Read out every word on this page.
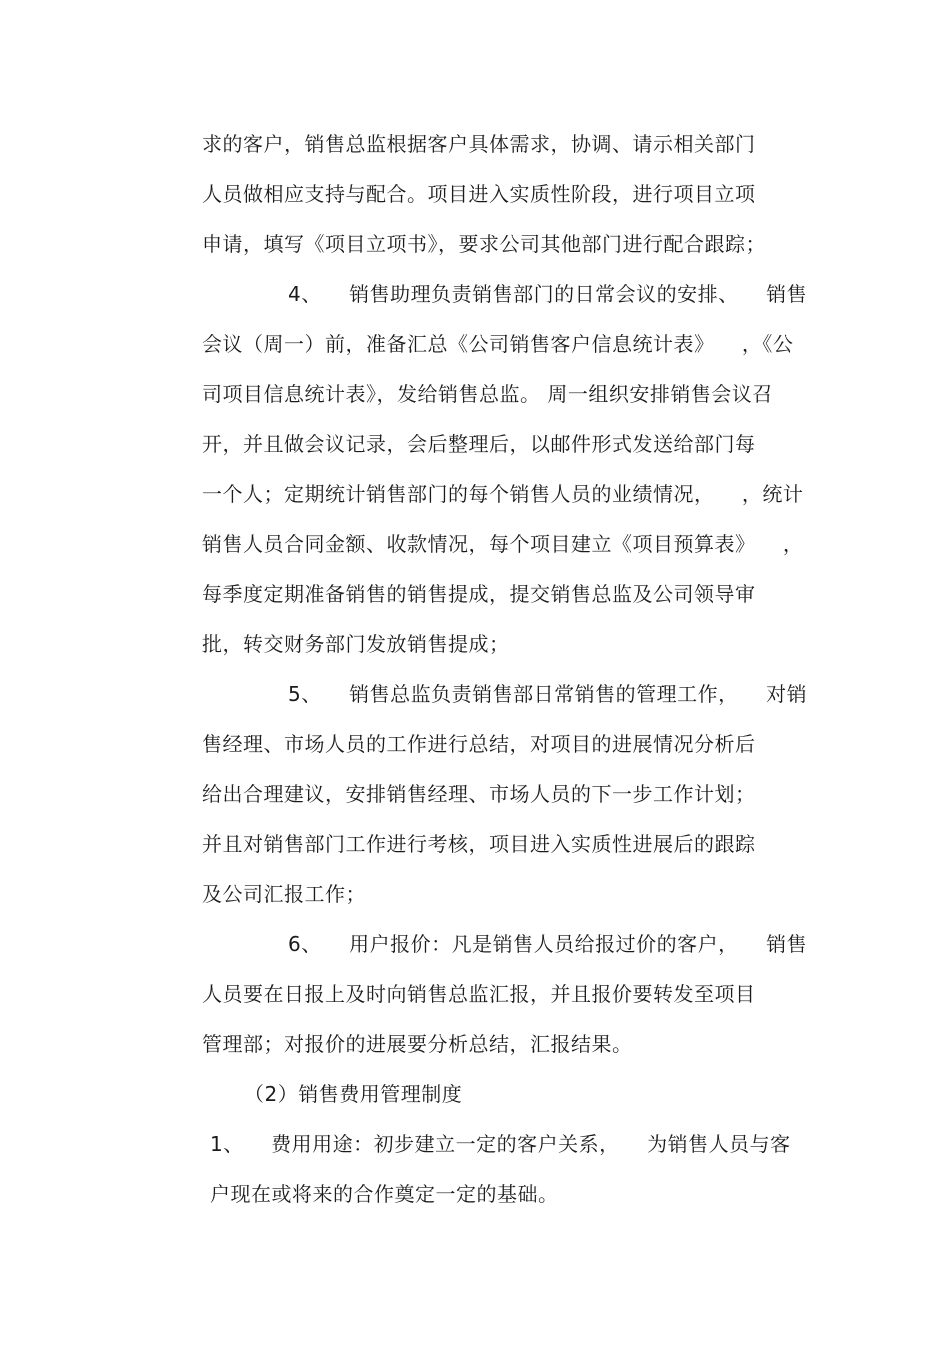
求的客户，销售总监根据客户具体需求，协调、请示相关部门
人员做相应支持与配合。项目进入实质性阶段，进行项目立项
申请，填写《项目立项书》，要求公司其他部门进行配合跟踪；
4、    销售助理负责销售部门的日常会议的安排、    销售
会议（周一）前，准备汇总《公司销售客户信息统计表》    ，《公
司项目信息统计表》，发给销售总监。 周一组织安排销售会议召
开，并且做会议记录，会后整理后，以邮件形式发送给部门每
一个人；定期统计销售部门的每个销售人员的业绩情况，    ，统计
销售人员合同金额、收款情况，每个项目建立《项目预算表》    ，
每季度定期准备销售的销售提成，提交销售总监及公司领导审
批，转交财务部门发放销售提成；
5、    销售总监负责销售部日常销售的管理工作，    对销
售经理、市场人员的工作进行总结，对项目的进展情况分析后
给出合理建议，安排销售经理、市场人员的下一步工作计划；
并且对销售部门工作进行考核，项目进入实质性进展后的跟踪
及公司汇报工作；
6、    用户报价：凡是销售人员给报过价的客户，    销售
人员要在日报上及时向销售总监汇报，并且报价要转发至项目
管理部；对报价的进展要分析总结，汇报结果。
（2）销售费用管理制度
1、    费用用途：初步建立一定的客户关系，    为销售人员与客
户现在或将来的合作奠定一定的基础。
